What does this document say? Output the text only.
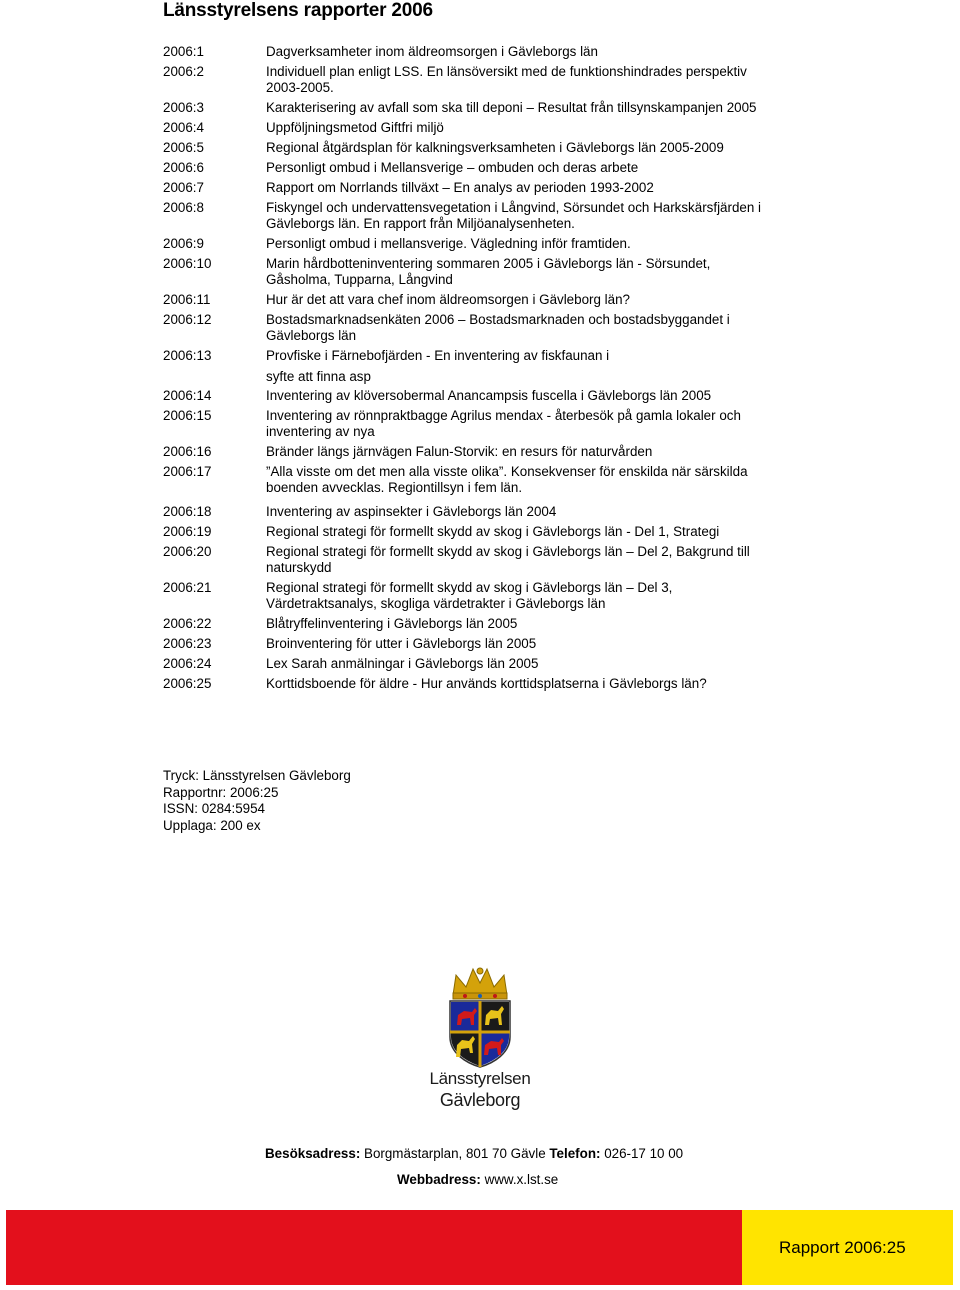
Länsstyrelsens rapporter 2006
2006:1	Dagverksamheter inom äldreomsorgen i Gävleborgs län
2006:2	Individuell plan enligt LSS. En länsöversikt med de funktionshindrades perspektiv
2003-2005.
2006:3	Karakterisering av avfall som ska till deponi – Resultat från tillsynskampanjen 2005
2006:4	Uppföljningsmetod Giftfri miljö
2006:5	Regional åtgärdsplan för kalkningsverksamheten i Gävleborgs län 2005-2009
2006:6	Personligt ombud i Mellansverige – ombuden och deras arbete
2006:7	Rapport om Norrlands tillväxt – En analys av perioden 1993-2002
2006:8	Fiskyngel och undervattensvegetation i Långvind, Sörsundet och Harkskärsfjärden i
Gävleborgs län. En rapport från Miljöanalysenheten.
2006:9	Personligt ombud i mellansverige. Vägledning inför framtiden.
2006:10	Marin hårdbotteninventering sommaren 2005 i Gävleborgs län - Sörsundet,
Gåsholma, Tupparna, Långvind
2006:11	Hur är det att vara chef inom äldreomsorgen i Gävleborg län?
2006:12	Bostadsmarknadsenkäten 2006 – Bostadsmarknaden och bostadsbyggandet i
Gävleborgs län
2006:13	Provfiske i Färnebofjärden - En inventering av fiskfaunan i
syfte att finna asp
2006:14	Inventering av klöversobermal Anancampsis fuscella i Gävleborgs län 2005
2006:15	Inventering av rönnpraktbagge Agrilus mendax - återbesök på gamla lokaler och
inventering av nya
2006:16	Bränder längs järnvägen Falun-Storvik: en resurs för naturvården
2006:17	”Alla visste om det men alla visste olika”. Konsekvenser för enskilda när särskilda
boenden avvecklas. Regiontillsyn i fem län.
2006:18	Inventering av aspinsekter i Gävleborgs län 2004
2006:19	Regional strategi för formellt skydd av skog i Gävleborgs län - Del 1, Strategi
2006:20	Regional strategi för formellt skydd av skog i Gävleborgs län – Del 2, Bakgrund till
naturskydd
2006:21	Regional strategi för formellt skydd av skog i Gävleborgs län – Del 3,
Värdetraktsanalys, skogliga värdetrakter i Gävleborgs län
2006:22	Blåtryffelinventering i Gävleborgs län 2005
2006:23	Broinventering för utter i Gävleborgs län 2005
2006:24	Lex Sarah anmälningar i Gävleborgs län 2005
2006:25	Korttidsboende för äldre - Hur används korttidsplatserna i Gävleborgs län?
Tryck: Länsstyrelsen Gävleborg
Rapportnr: 2006:25
ISSN: 0284:5954
Upplaga: 200 ex
Länsstyrelsen
Gävleborg
Besöksadress: Borgmästarplan, 801 70 Gävle Telefon: 026-17 10 00
Webbadress: www.x.lst.se
Rapport 2006:25
